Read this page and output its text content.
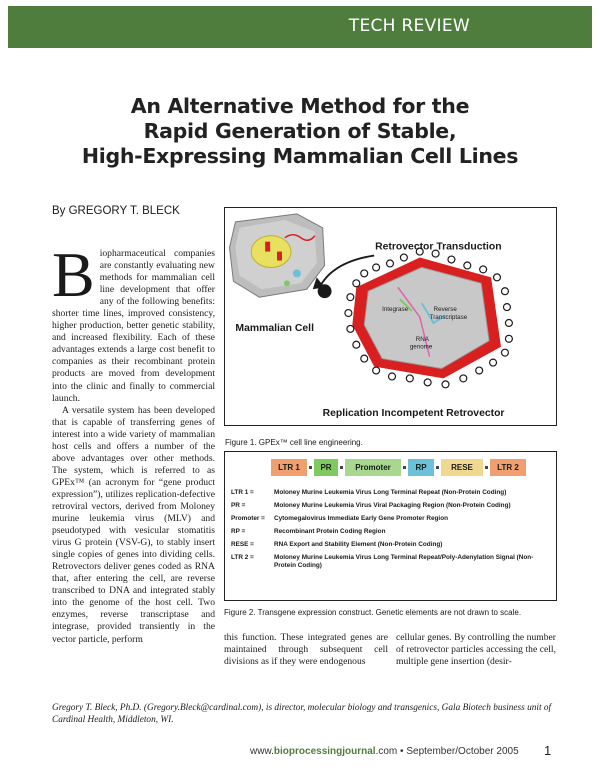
TECH REVIEW
An Alternative Method for the
Rapid Generation of Stable,
High-Expressing Mammalian Cell Lines
By GREGORY T. BLECK

Biopharmaceutical companies are constantly evaluating new methods for mammalian cell line development that offer any of the following benefits: shorter time lines, improved consistency, higher production, better genetic stability, and increased flexibility. Each of these advantages extends a large cost benefit to companies as their recombinant protein products are moved from development into the clinic and finally to commercial launch.

A versatile system has been developed that is capable of transferring genes of interest into a wide variety of mammalian host cells and offers a number of the above advantages over other methods. The system, which is referred to as GPEx™ (an acronym for “gene product expression”), utilizes replication-defective retroviral vectors, derived from Moloney murine leukemia virus (MLV) and pseudotyped with vesicular stomatitis virus G protein (VSV-G), to stably insert single copies of genes into dividing cells. Retrovectors deliver genes coded as RNA that, after entering the cell, are reverse transcribed to DNA and integrated stably into the genome of the host cell. Two enzymes, reverse transcriptase and integrase, provided transiently in the vector particle, perform

Retrovector Transduction
Mammalian Cell
Replication Incompetent Retrovector
Integrase	Reverse
Transcriptase
RNA
genome
Figure 1. GPEx™ cell line engineering.
LTR 1	PR	Promoter	RP	RESE	LTR 2
LTR 1 =	Moloney Murine Leukemia Virus Long Terminal Repeat (Non-Protein Coding)
PR =	Moloney Murine Leukemia Virus Viral Packaging Region (Non-Protein Coding)
Promoter =	Cytomegalovirus Immediate Early Gene Promoter Region
RP =	Recombinant Protein Coding Region
RESE =	RNA Export and Stability Element (Non-Protein Coding)
LTR 2 =	Moloney Murine Leukemia Virus Long Terminal Repeat/Poly-Adenylation Signal (Non-Protein Coding)
Figure 2. Transgene expression construct. Genetic elements are not drawn to scale.
this function. These integrated genes are maintained through subsequent cell divisions as if they were endogenous
cellular genes. By controlling the number of retrovector particles accessing the cell, multiple gene insertion (desir-
Gregory T. Bleck, Ph.D. (Gregory.Bleck@cardinal.com), is director, molecular biology and transgenics, Gala Biotech business unit of Cardinal Health, Middleton, WI.
www.bioprocessingjournal.com • September/October 2005 1
